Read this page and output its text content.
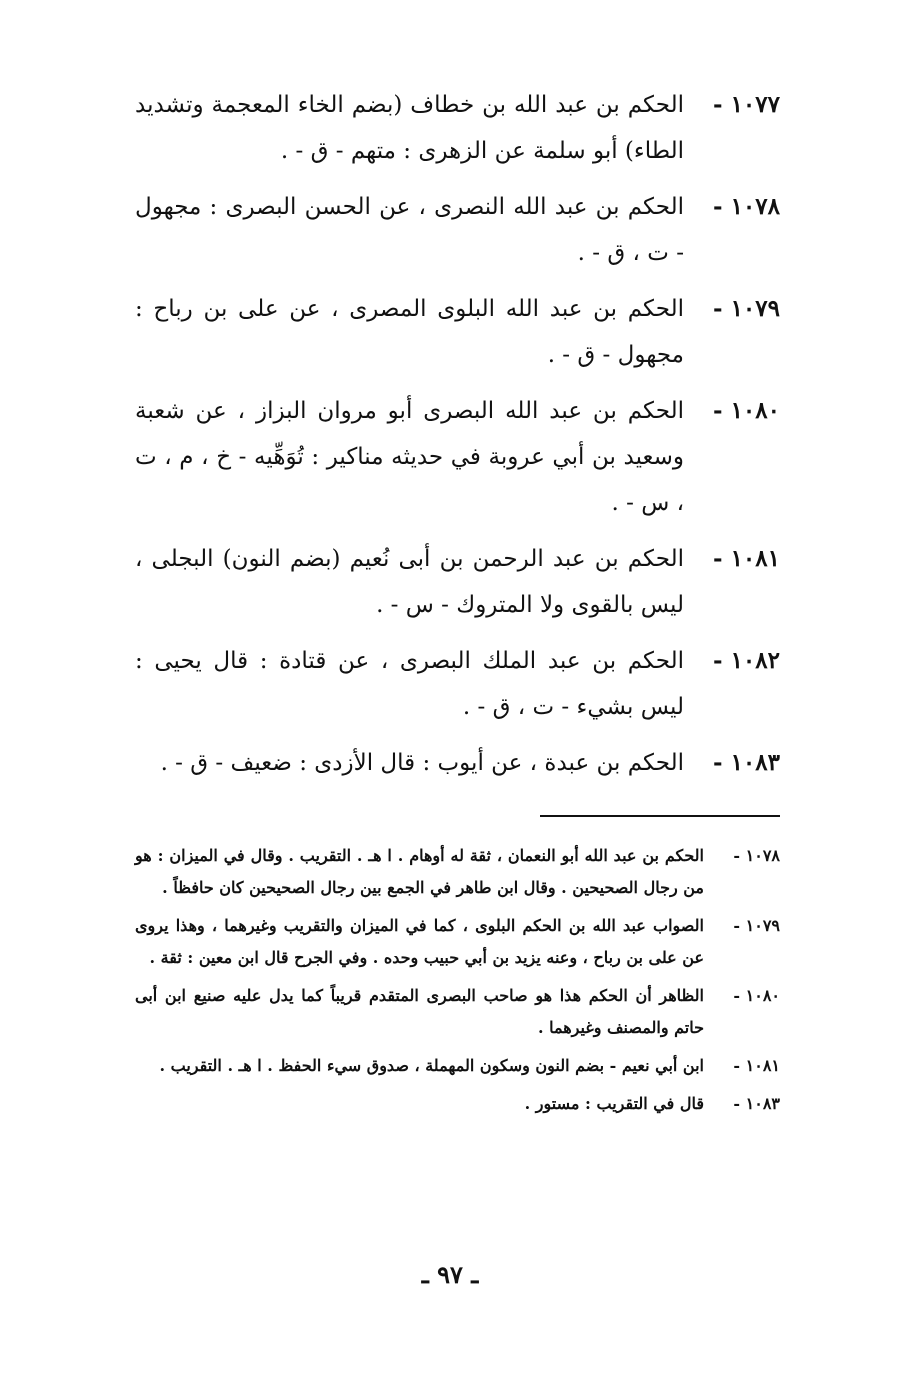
١٠٧٧ -
الحكم بن عبد الله بن خطاف (بضم الخاء المعجمة وتشديد الطاء) أبو سلمة عن الزهرى : متهم - ق - .
١٠٧٨ -
الحكم بن عبد الله النصرى ، عن الحسن البصرى : مجهول - ت ، ق - .
١٠٧٩ -
الحكم بن عبد الله البلوى المصرى ، عن على بن رباح : مجهول - ق - .
١٠٨٠ -
الحكم بن عبد الله البصرى أبو مروان البزاز ، عن شعبة وسعيد بن أبي عروبة في حديثه مناكير : تُوَهِّيه - خ ، م ، ت ، س - .
١٠٨١ -
الحكم بن عبد الرحمن بن أبى نُعيم (بضم النون) البجلى ، ليس بالقوى ولا المتروك - س - .
١٠٨٢ -
الحكم بن عبد الملك البصرى ، عن قتادة : قال يحيى : ليس بشيء - ت ، ق - .
١٠٨٣ -
الحكم بن عبدة ، عن أيوب : قال الأزدى : ضعيف - ق - .
١٠٧٨ -
الحكم بن عبد الله أبو النعمان ، ثقة له أوهام . ا هـ . التقريب . وقال في الميزان : هو من رجال الصحيحين . وقال ابن طاهر في الجمع بين رجال الصحيحين كان حافظاً .
١٠٧٩ -
الصواب عبد الله بن الحكم البلوى ، كما في الميزان والتقريب وغيرهما ، وهذا يروى عن على بن رباح ، وعنه يزيد بن أبي حبيب وحده . وفي الجرح قال ابن معين : ثقة .
١٠٨٠ -
الظاهر أن الحكم هذا هو صاحب البصرى المتقدم قريباً كما يدل عليه صنيع ابن أبى حاتم والمصنف وغيرهما .
١٠٨١ -
ابن أبي نعيم - بضم النون وسكون المهملة ، صدوق سيء الحفظ . ا هـ . التقريب .
١٠٨٣ -
قال في التقريب : مستور .
ـ ٩٧ ـ
